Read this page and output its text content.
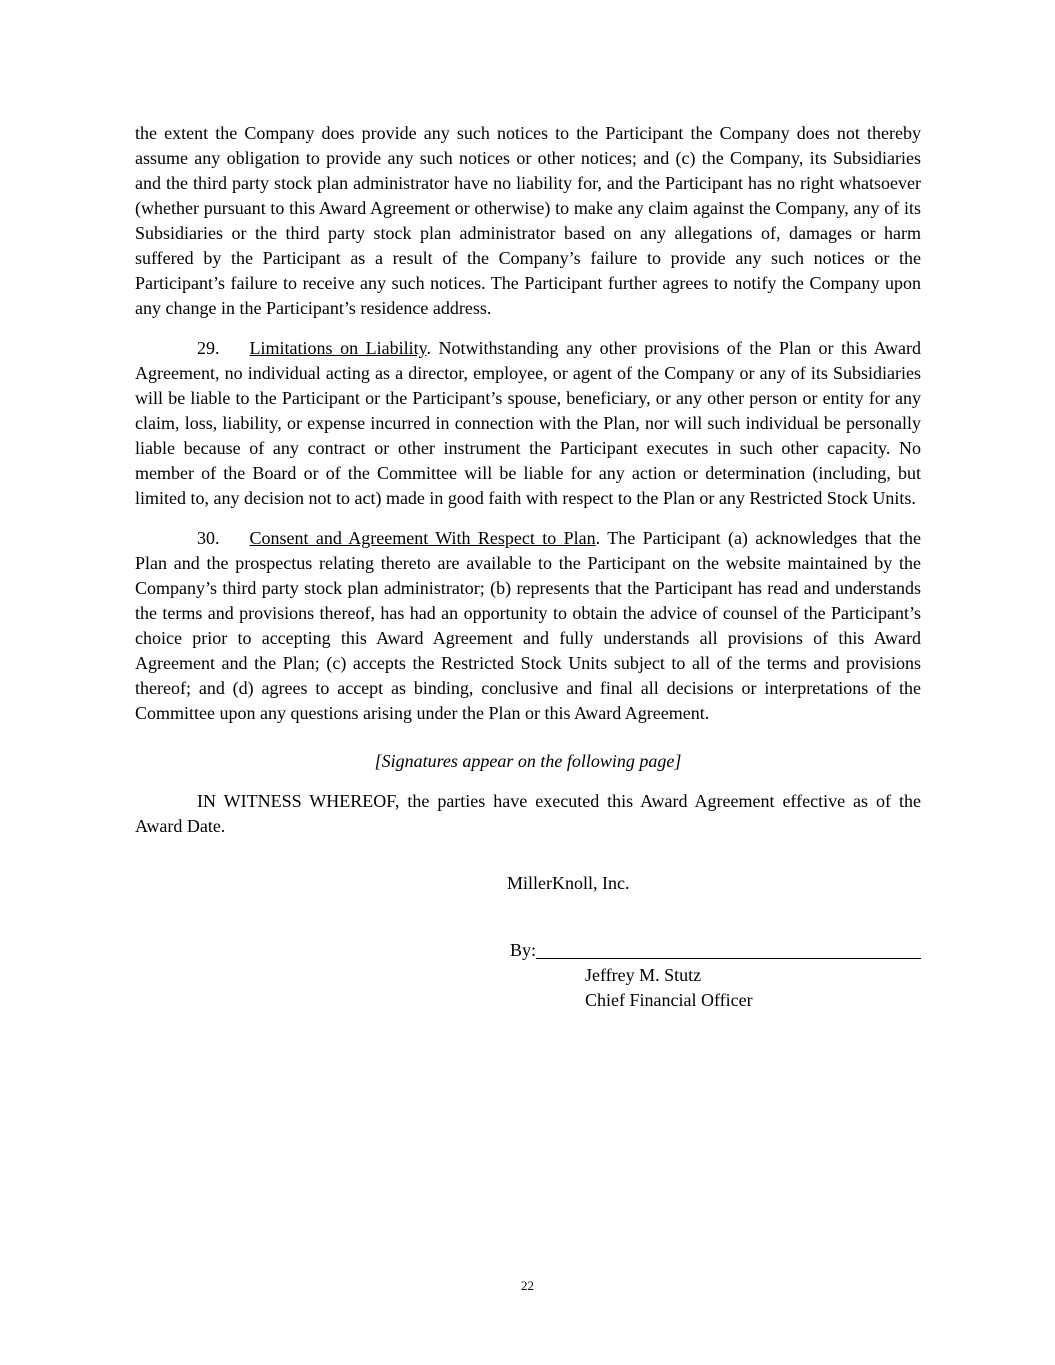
the extent the Company does provide any such notices to the Participant the Company does not thereby assume any obligation to provide any such notices or other notices; and (c) the Company, its Subsidiaries and the third party stock plan administrator have no liability for, and the Participant has no right whatsoever (whether pursuant to this Award Agreement or otherwise) to make any claim against the Company, any of its Subsidiaries or the third party stock plan administrator based on any allegations of, damages or harm suffered by the Participant as a result of the Company’s failure to provide any such notices or the Participant’s failure to receive any such notices. The Participant further agrees to notify the Company upon any change in the Participant’s residence address.

29. Limitations on Liability. Notwithstanding any other provisions of the Plan or this Award Agreement, no individual acting as a director, employee, or agent of the Company or any of its Subsidiaries will be liable to the Participant or the Participant’s spouse, beneficiary, or any other person or entity for any claim, loss, liability, or expense incurred in connection with the Plan, nor will such individual be personally liable because of any contract or other instrument the Participant executes in such other capacity. No member of the Board or of the Committee will be liable for any action or determination (including, but limited to, any decision not to act) made in good faith with respect to the Plan or any Restricted Stock Units.

30. Consent and Agreement With Respect to Plan. The Participant (a) acknowledges that the Plan and the prospectus relating thereto are available to the Participant on the website maintained by the Company’s third party stock plan administrator; (b) represents that the Participant has read and understands the terms and provisions thereof, has had an opportunity to obtain the advice of counsel of the Participant’s choice prior to accepting this Award Agreement and fully understands all provisions of this Award Agreement and the Plan; (c) accepts the Restricted Stock Units subject to all of the terms and provisions thereof; and (d) agrees to accept as binding, conclusive and final all decisions or interpretations of the Committee upon any questions arising under the Plan or this Award Agreement.

[Signatures appear on the following page]

IN WITNESS WHEREOF, the parties have executed this Award Agreement effective as of the Award Date.

MillerKnoll, Inc.
By:
Jeffrey M. Stutz
Chief Financial Officer
22
